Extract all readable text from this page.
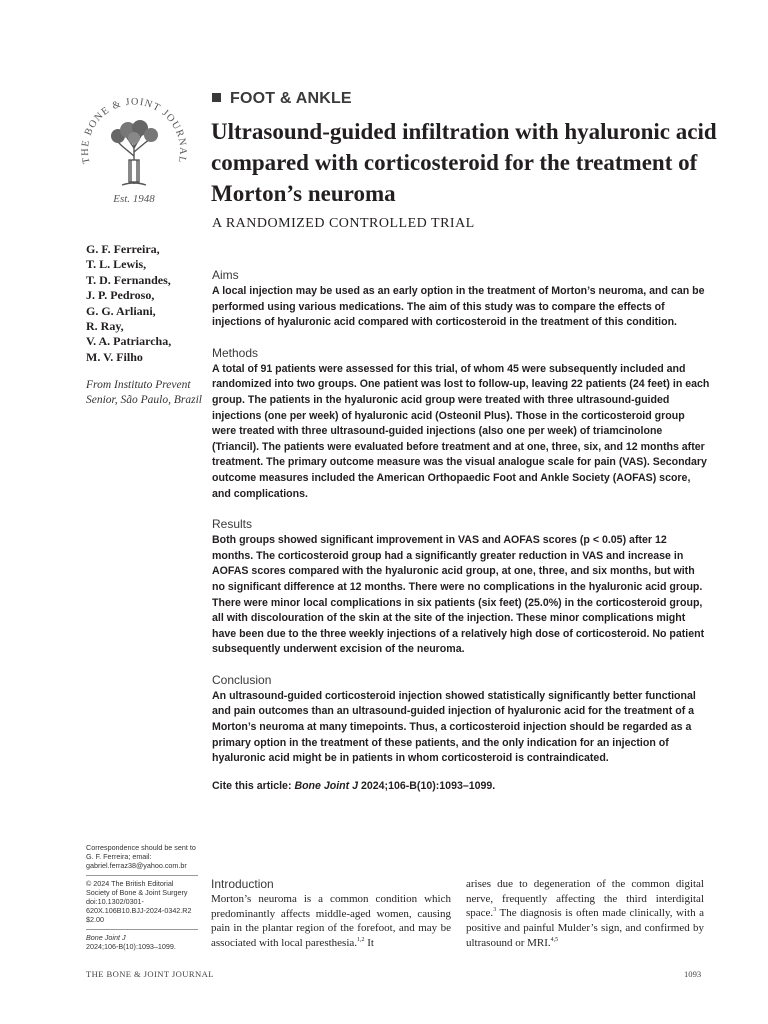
THE BONE & JOINT JOURNAL
Est. 1948
FOOT & ANKLE
Ultrasound-guided infiltration with hyaluronic acid compared with corticosteroid for the treatment of Morton’s neuroma
A RANDOMIZED CONTROLLED TRIAL
G. F. Ferreira,
T. L. Lewis,
T. D. Fernandes,
J. P. Pedroso,
G. G. Arliani,
R. Ray,
V. A. Patriarcha,
M. V. Filho
From Instituto Prevent Senior, São Paulo, Brazil
Aims

A local injection may be used as an early option in the treatment of Morton’s neuroma, and can be performed using various medications. The aim of this study was to compare the effects of injections of hyaluronic acid compared with corticosteroid in the treatment of this condition.

Methods

A total of 91 patients were assessed for this trial, of whom 45 were subsequently included and randomized into two groups. One patient was lost to follow-up, leaving 22 patients (24 feet) in each group. The patients in the hyaluronic acid group were treated with three ultrasound-guided injections (one per week) of hyaluronic acid (Osteonil Plus). Those in the corticosteroid group were treated with three ultrasound-guided injections (also one per week) of triamcinolone (Triancil). The patients were evaluated before treatment and at one, three, six, and 12 months after treatment. The primary outcome measure was the visual analogue scale for pain (VAS). Secondary outcome measures included the American Orthopaedic Foot and Ankle Society (AOFAS) score, and complications.

Results

Both groups showed significant improvement in VAS and AOFAS scores (p < 0.05) after 12 months. The corticosteroid group had a significantly greater reduction in VAS and increase in AOFAS scores compared with the hyaluronic acid group, at one, three, and six months, but with no significant difference at 12 months. There were no complications in the hyaluronic acid group. There were minor local complications in six patients (six feet) (25.0%) in the corticosteroid group, all with discolouration of the skin at the site of the injection. These minor complications might have been due to the three weekly injections of a relatively high dose of corticosteroid. No patient subsequently underwent excision of the neuroma.

Conclusion

An ultrasound-guided corticosteroid injection showed statistically significantly better functional and pain outcomes than an ultrasound-guided injection of hyaluronic acid for the treatment of a Morton’s neuroma at many timepoints. Thus, a corticosteroid injection should be regarded as a primary option in the treatment of these patients, and the only indication for an injection of hyaluronic acid might be in patients in whom corticosteroid is contraindicated.

Cite this article: Bone Joint J 2024;106-B(10):1093–1099.
Correspondence should be sent to G. F. Ferreira; email: gabriel.ferraz38@yahoo.com.br
© 2024 The British Editorial Society of Bone & Joint Surgery doi:10.1302/0301-620X.106B10.BJJ-2024-0342.R2 $2.00
Bone Joint J
2024;106-B(10):1093–1099.
Introduction
Morton’s neuroma is a common condition which predominantly affects middle-aged women, causing pain in the plantar region of the forefoot, and may be associated with local paresthesia.$^{1,2}$ It
arises due to degeneration of the common digital nerve, frequently affecting the third interdigital space.$^3$ The diagnosis is often made clinically, with a positive and painful Mulder’s sign, and confirmed by ultrasound or MRI.$^{4,5}$
THE BONE & JOINT JOURNAL	1093
